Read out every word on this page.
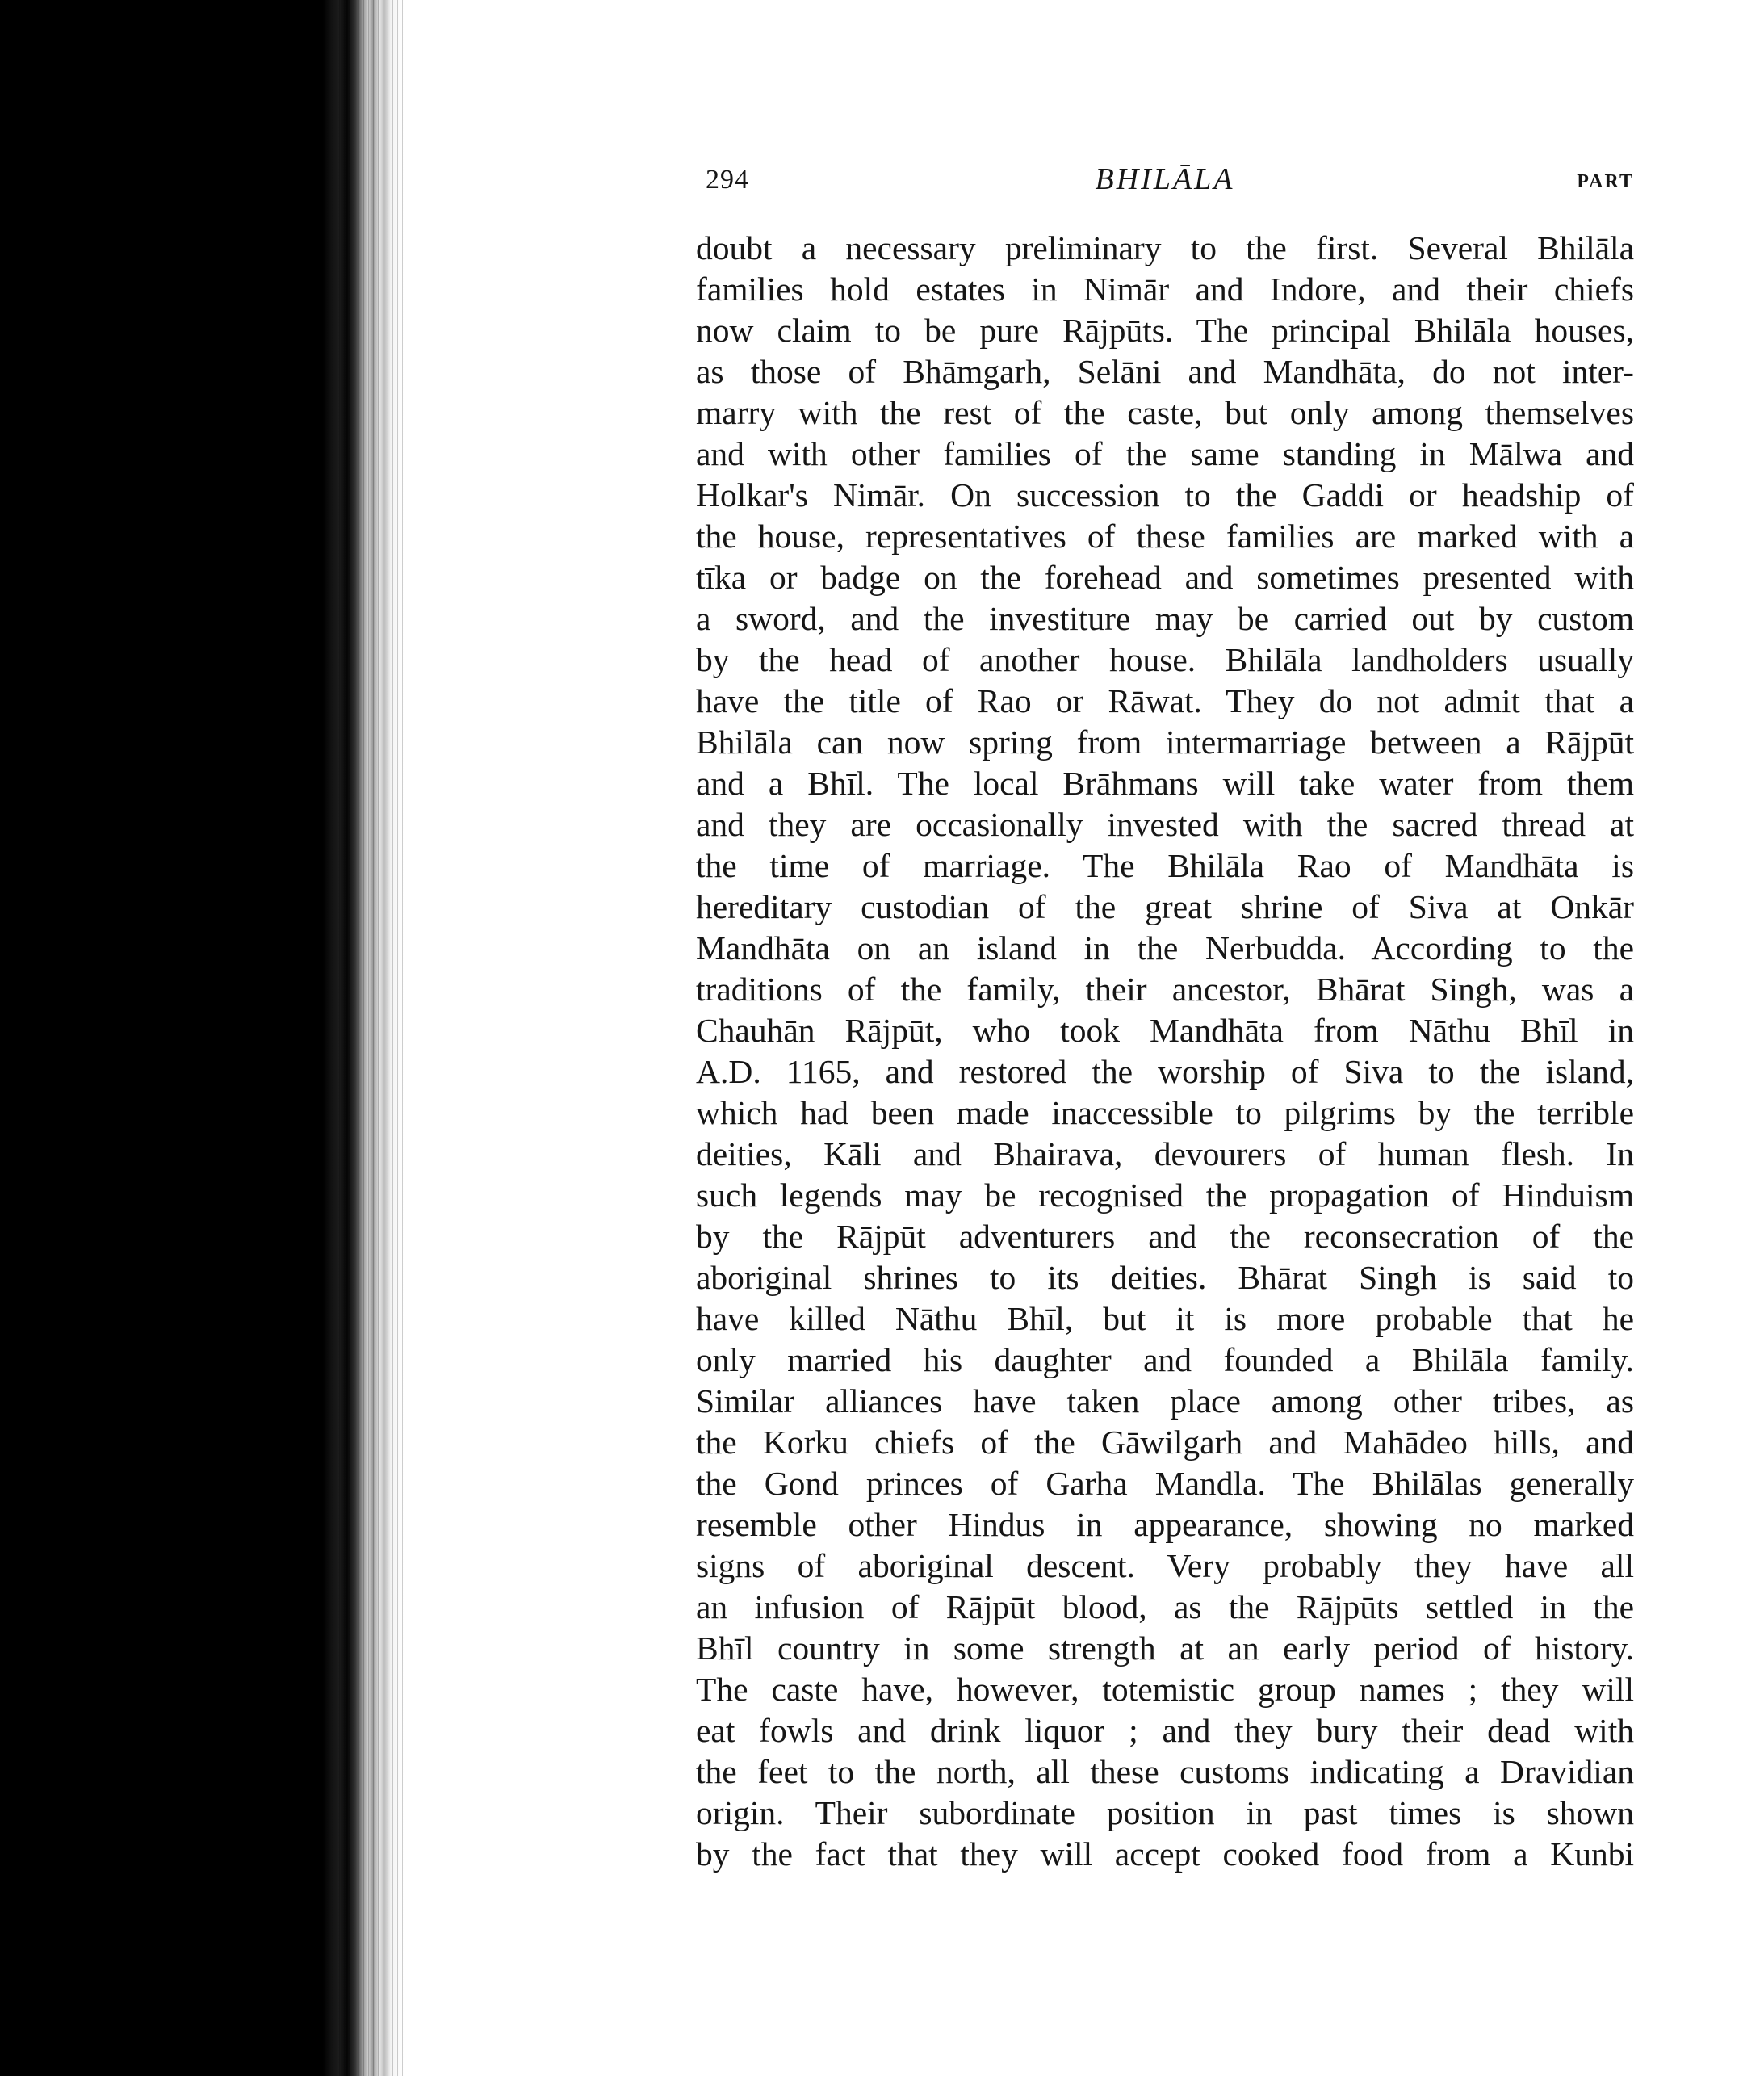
294	BHILĀLA	PART
doubt a necessary preliminary to the first. Several Bhilāla
families hold estates in Nimār and Indore, and their chiefs
now claim to be pure Rājpūts. The principal Bhilāla houses,
as those of Bhāmgarh, Selāni and Mandhāta, do not inter-
marry with the rest of the caste, but only among themselves
and with other families of the same standing in Mālwa and
Holkar's Nimār. On succession to the Gaddi or headship of
the house, representatives of these families are marked with a
tīka or badge on the forehead and sometimes presented with
a sword, and the investiture may be carried out by custom
by the head of another house. Bhilāla landholders usually
have the title of Rao or Rāwat. They do not admit that a
Bhilāla can now spring from intermarriage between a Rājpūt
and a Bhīl. The local Brāhmans will take water from them
and they are occasionally invested with the sacred thread at
the time of marriage. The Bhilāla Rao of Mandhāta is
hereditary custodian of the great shrine of Siva at Onkār
Mandhāta on an island in the Nerbudda. According to the
traditions of the family, their ancestor, Bhārat Singh, was a
Chauhān Rājpūt, who took Mandhāta from Nāthu Bhīl in
A.D. 1165, and restored the worship of Siva to the island,
which had been made inaccessible to pilgrims by the terrible
deities, Kāli and Bhairava, devourers of human flesh. In
such legends may be recognised the propagation of Hinduism
by the Rājpūt adventurers and the reconsecration of the
aboriginal shrines to its deities. Bhārat Singh is said to
have killed Nāthu Bhīl, but it is more probable that he
only married his daughter and founded a Bhilāla family.
Similar alliances have taken place among other tribes, as
the Korku chiefs of the Gāwilgarh and Mahādeo hills, and
the Gond princes of Garha Mandla. The Bhilālas generally
resemble other Hindus in appearance, showing no marked
signs of aboriginal descent. Very probably they have all
an infusion of Rājpūt blood, as the Rājpūts settled in the
Bhīl country in some strength at an early period of history.
The caste have, however, totemistic group names ; they will
eat fowls and drink liquor ; and they bury their dead with
the feet to the north, all these customs indicating a Dravidian
origin. Their subordinate position in past times is shown
by the fact that they will accept cooked food from a Kunbi
